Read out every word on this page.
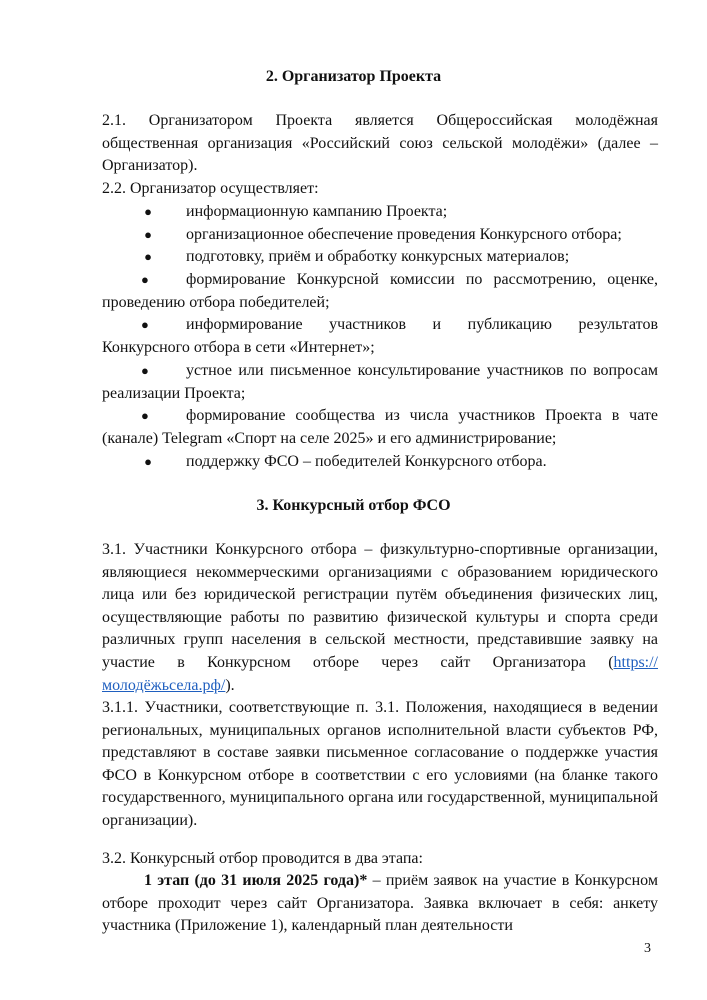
2. Организатор Проекта
2.1. Организатором Проекта является Общероссийская молодёжная общественная организация «Российский союз сельской молодёжи» (далее – Организатор).
2.2. Организатор осуществляет:
● информационную кампанию Проекта;
● организационное обеспечение проведения Конкурсного отбора;
● подготовку, приём и обработку конкурсных материалов;
●	формирование Конкурсной комиссии по рассмотрению, оценке, проведению отбора победителей;
●	информирование участников и публикацию результатов Конкурсного отбора в сети «Интернет»;
●	устное или письменное консультирование участников по вопросам реализации Проекта;
●	формирование сообщества из числа участников Проекта в чате (канале) Telegram «Спорт на селе 2025» и его администрирование;
● поддержку ФСО – победителей Конкурсного отбора.
3. Конкурсный отбор ФСО
3.1. Участники Конкурсного отбора – физкультурно-спортивные организации, являющиеся некоммерческими организациями с образованием юридического лица или без юридической регистрации путём объединения физических лиц, осуществляющие работы по развитию физической культуры и спорта среди различных групп населения в сельской местности, представившие заявку на участие в Конкурсном отборе через сайт Организатора (https://молодёжьсела.рф/).
3.1.1. Участники, соответствующие п. 3.1. Положения, находящиеся в ведении региональных, муниципальных органов исполнительной власти субъектов РФ, представляют в составе заявки письменное согласование о поддержке участия ФСО в Конкурсном отборе в соответствии с его условиями (на бланке такого государственного, муниципального органа или государственной, муниципальной организации).
3.2. Конкурсный отбор проводится в два этапа:
1 этап (до 31 июля 2025 года)* – приём заявок на участие в Конкурсном отборе проходит через сайт Организатора. Заявка включает в себя: анкету участника (Приложение 1), календарный план деятельности
3
